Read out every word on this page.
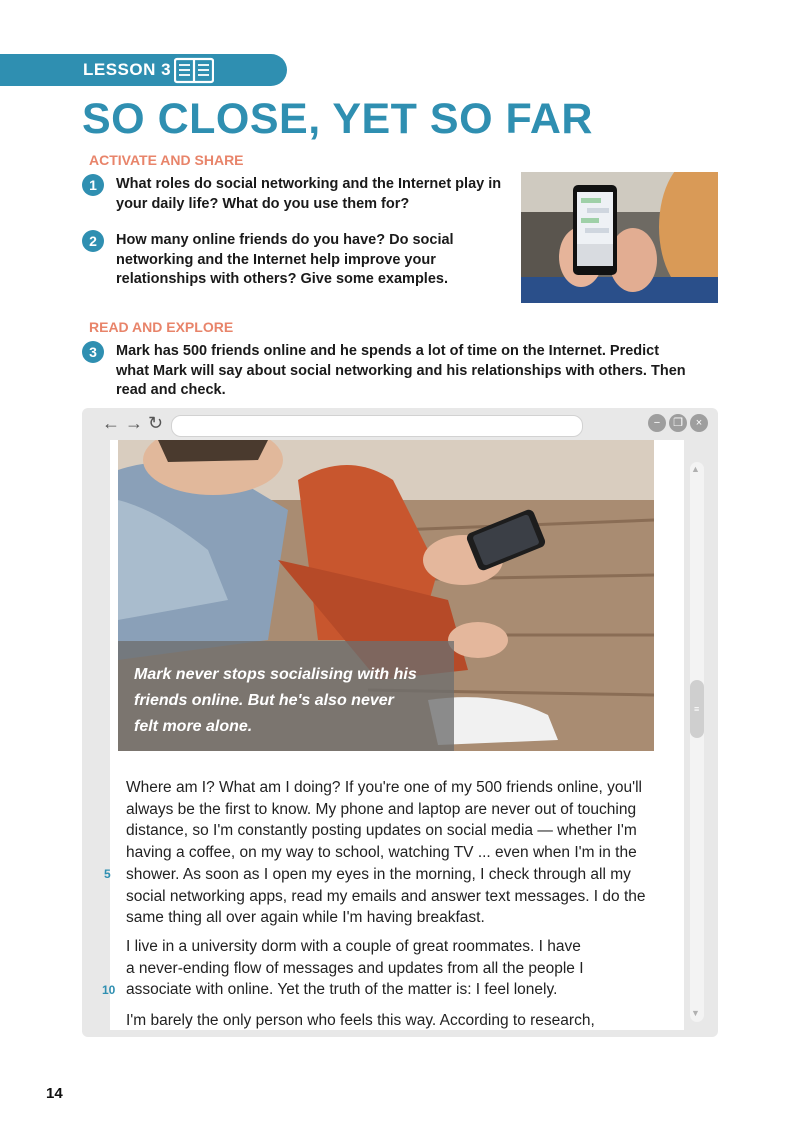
LESSON 3
SO CLOSE, YET SO FAR
ACTIVATE AND SHARE
1	What roles do social networking and the Internet play in
your daily life? What do you use them for?
2	How many online friends do you have? Do social
networking and the Internet help improve your
relationships with others? Give some examples.
READ AND EXPLORE
3	Mark has 500 friends online and he spends a lot of time on the Internet. Predict
what Mark will say about social networking and his relationships with others. Then
read and check.
← → ↻	−	❐	×
▲
▼
≡
Mark never stops socialising with his
friends online. But he's also never
felt more alone.
Where am I? What am I doing? If you're one of my 500 friends online, you'll
always be the first to know. My phone and laptop are never out of touching
distance, so I'm constantly posting updates on social media — whether I'm
having a coffee, on my way to school, watching TV ... even when I'm in the
shower. As soon as I open my eyes in the morning, I check through all my
social networking apps, read my emails and answer text messages. I do the
same thing all over again while I'm having breakfast.
5
I live in a university dorm with a couple of great roommates. I have
a never-ending flow of messages and updates from all the people I
associate with online. Yet the truth of the matter is: I feel lonely.
10
I'm barely the only person who feels this way. According to research,
14
